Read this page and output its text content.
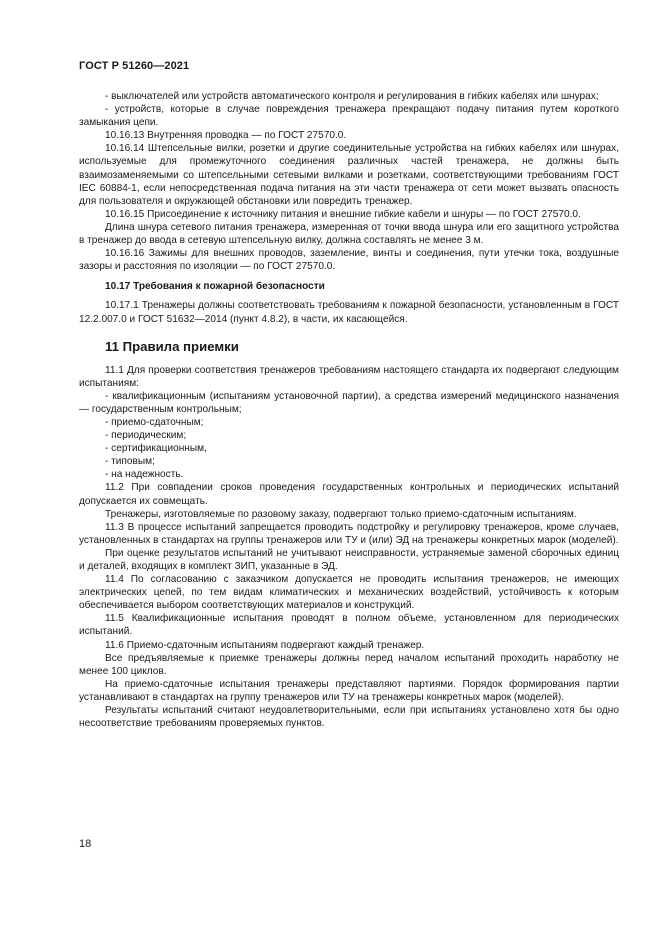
ГОСТ Р 51260—2021

- выключателей или устройств автоматического контроля и регулирования в гибких кабелях или шнурах;

- устройств, которые в случае повреждения тренажера прекращают подачу питания путем короткого замыкания цепи.

10.16.13 Внутренняя проводка — по ГОСТ 27570.0.

10.16.14 Штепсельные вилки, розетки и другие соединительные устройства на гибких кабелях или шнурах, используемые для промежуточного соединения различных частей тренажера, не должны быть взаимозаменяемыми со штепсельными сетевыми вилками и розетками, соответствующими требованиям ГОСТ IEC 60884-1, если непосредственная подача питания на эти части тренажера от сети может вызвать опасность для пользователя и окружающей обстановки или повредить тренажер.

10.16.15 Присоединение к источнику питания и внешние гибкие кабели и шнуры — по ГОСТ 27570.0.

Длина шнура сетевого питания тренажера, измеренная от точки ввода шнура или его защитного устройства в тренажер до ввода в сетевую штепсельную вилку, должна составлять не менее 3 м.

10.16.16 Зажимы для внешних проводов, заземление, винты и соединения, пути утечки тока, воздушные зазоры и расстояния по изоляции — по ГОСТ 27570.0.

10.17 Требования к пожарной безопасности

10.17.1 Тренажеры должны соответствовать требованиям к пожарной безопасности, установленным в ГОСТ 12.2.007.0 и ГОСТ 51632—2014 (пункт 4.8.2), в части, их касающейся.

11 Правила приемки

11.1 Для проверки соответствия тренажеров требованиям настоящего стандарта их подвергают следующим испытаниям:

- квалификационным (испытаниям установочной партии), а средства измерений медицинского назначения — государственным контрольным;

- приемо-сдаточным;

- периодическим;

- сертификационным,

- типовым;

- на надежность.

11.2 При совпадении сроков проведения государственных контрольных и периодических испытаний допускается их совмещать.

Тренажеры, изготовляемые по разовому заказу, подвергают только приемо-сдаточным испытаниям.

11.3 В процессе испытаний запрещается проводить подстройку и регулировку тренажеров, кроме случаев, установленных в стандартах на группы тренажеров или ТУ и (или) ЭД на тренажеры конкретных марок (моделей).

При оценке результатов испытаний не учитывают неисправности, устраняемые заменой сборочных единиц и деталей, входящих в комплект ЗИП, указанные в ЭД.

11.4 По согласованию с заказчиком допускается не проводить испытания тренажеров, не имеющих электрических цепей, по тем видам климатических и механических воздействий, устойчивость к которым обеспечивается выбором соответствующих материалов и конструкций.

11.5 Квалификационные испытания проводят в полном объеме, установленном для периодических испытаний.

11.6 Приемо-сдаточным испытаниям подвергают каждый тренажер.

Все предъявляемые к приемке тренажеры должны перед началом испытаний проходить наработку не менее 100 циклов.

На приемо-сдаточные испытания тренажеры представляют партиями. Порядок формирования партии устанавливают в стандартах на группу тренажеров или ТУ на тренажеры конкретных марок (моделей).

Результаты испытаний считают неудовлетворительными, если при испытаниях установлено хотя бы одно несоответствие требованиям проверяемых пунктов.

18
